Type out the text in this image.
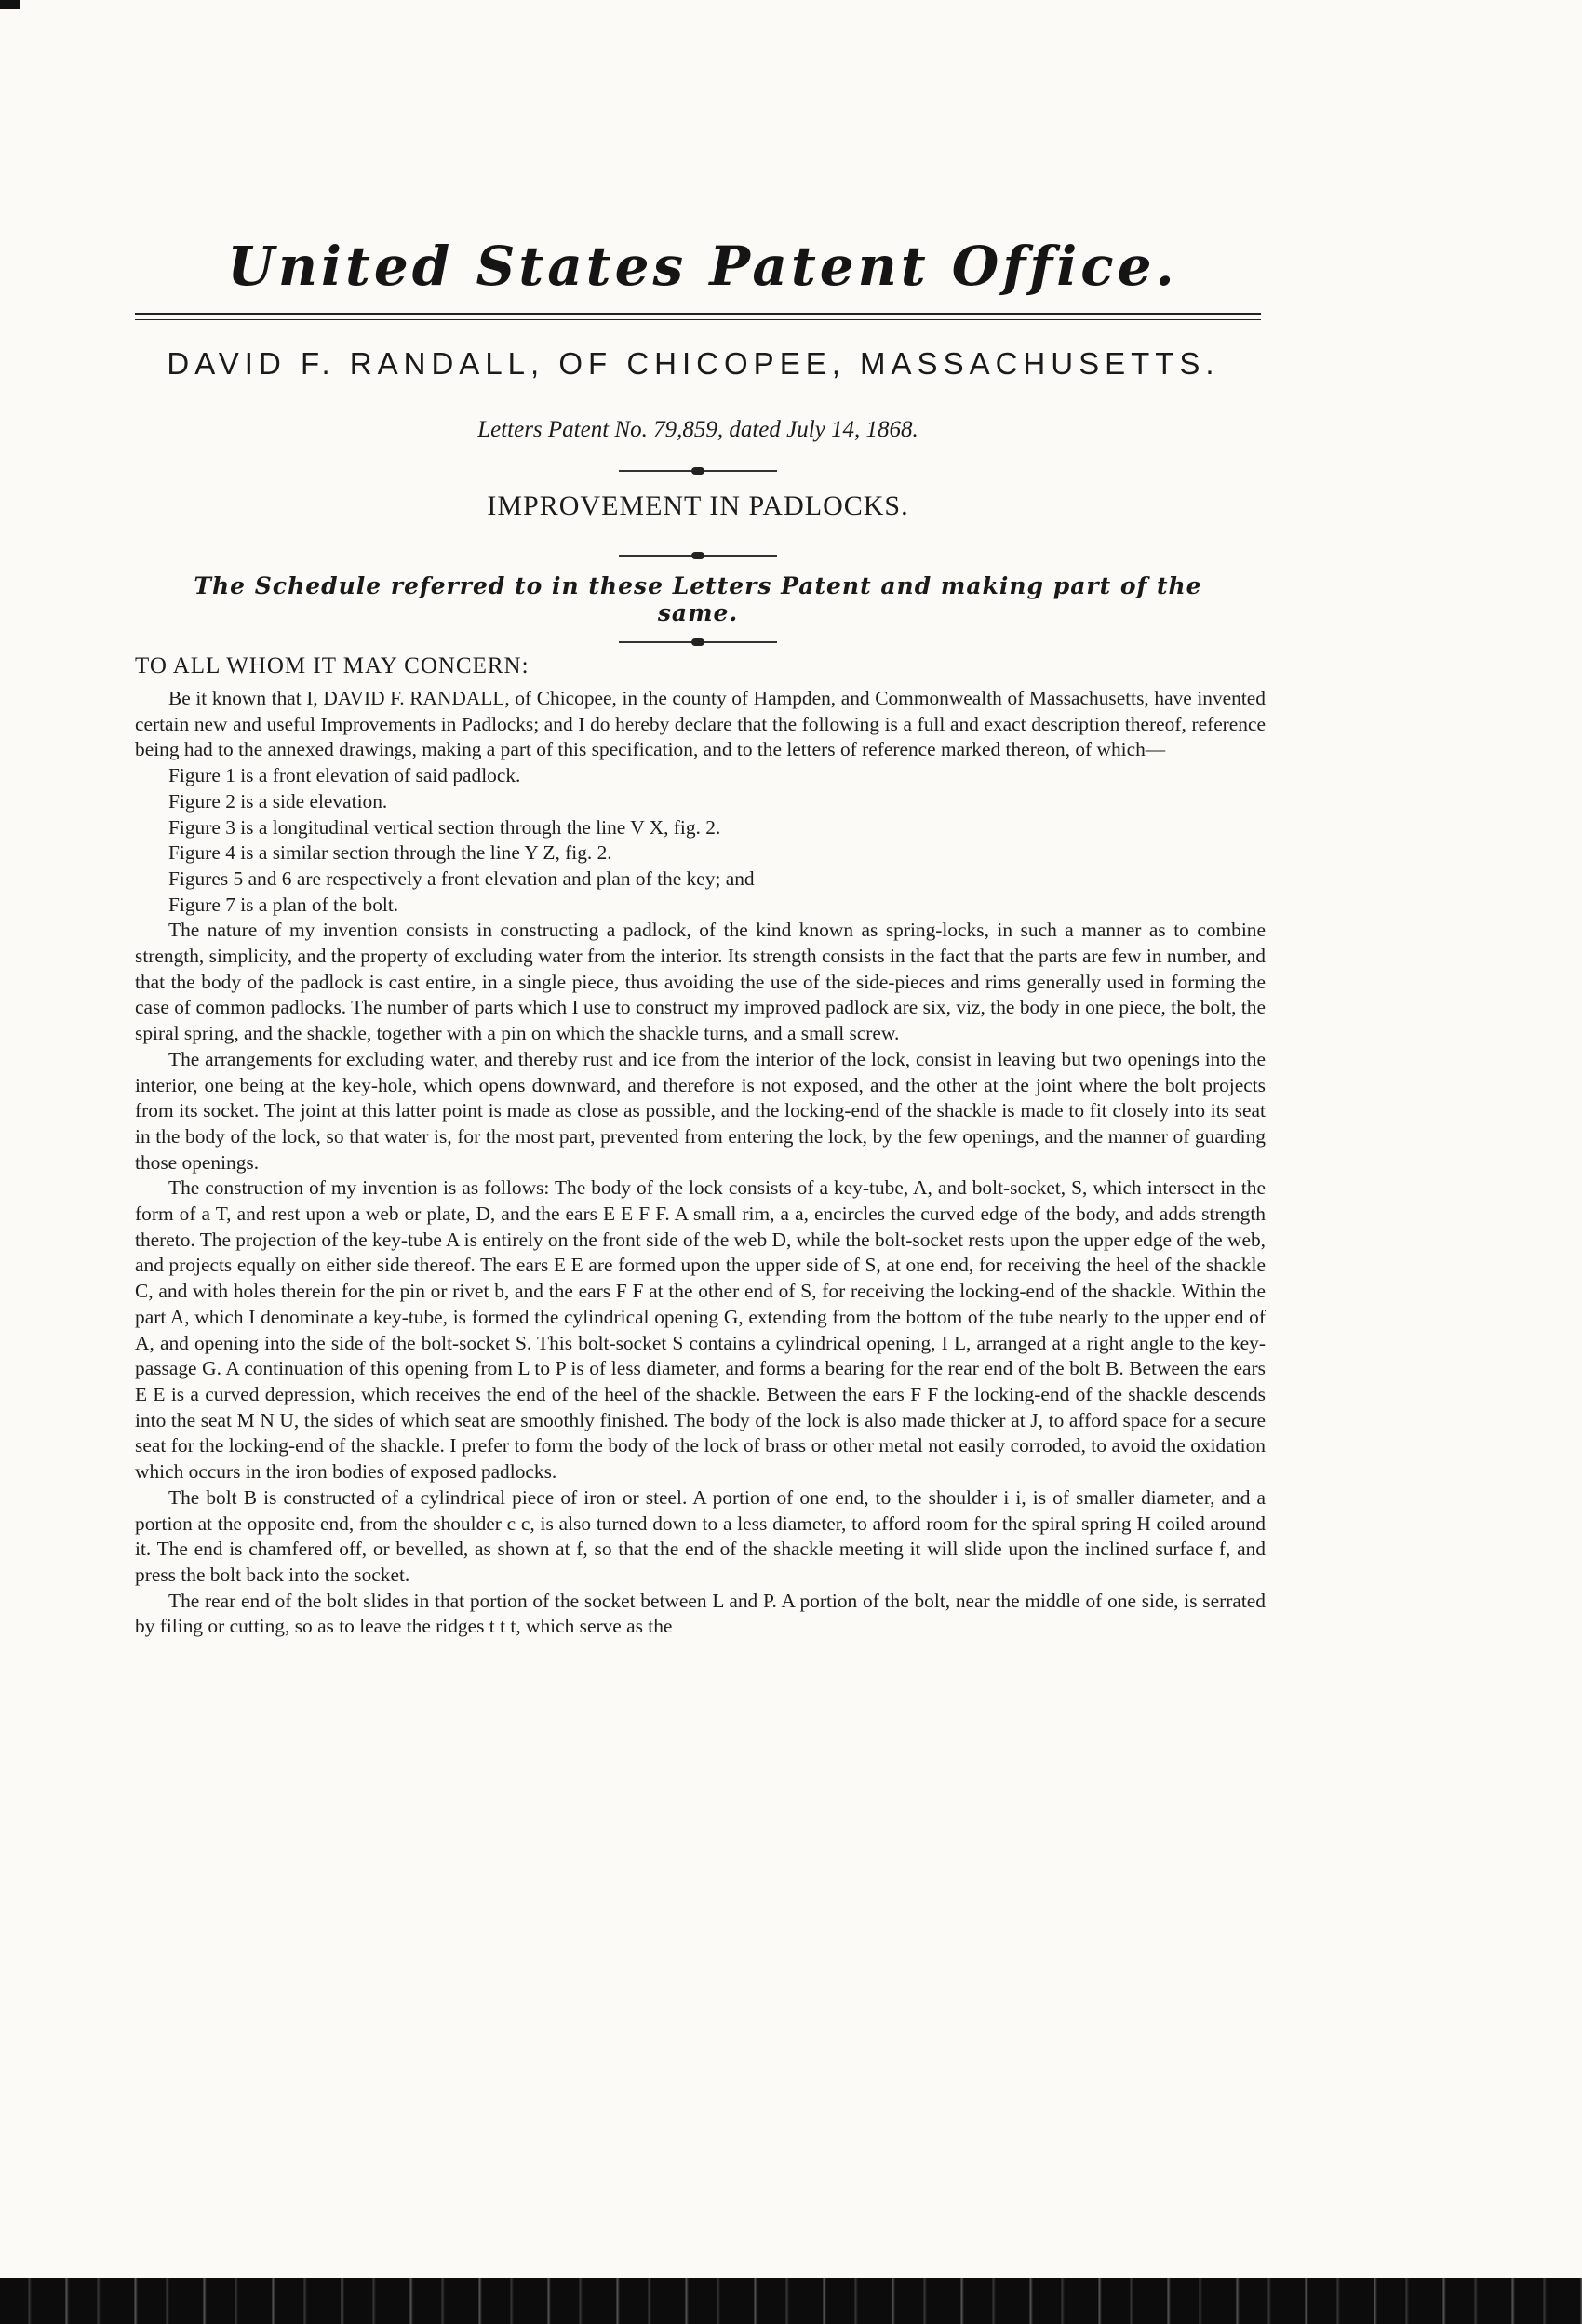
United States Patent Office.
DAVID F. RANDALL, OF CHICOPEE, MASSACHUSETTS.
Letters Patent No. 79,859, dated July 14, 1868.
IMPROVEMENT IN PADLOCKS.
The Schedule referred to in these Letters Patent and making part of the same.
TO ALL WHOM IT MAY CONCERN:

Be it known that I, DAVID F. RANDALL, of Chicopee, in the county of Hampden, and Commonwealth of Massachusetts, have invented certain new and useful Improvements in Padlocks; and I do hereby declare that the following is a full and exact description thereof, reference being had to the annexed drawings, making a part of this specification, and to the letters of reference marked thereon, of which—

Figure 1 is a front elevation of said padlock.

Figure 2 is a side elevation.

Figure 3 is a longitudinal vertical section through the line V X, fig. 2.

Figure 4 is a similar section through the line Y Z, fig. 2.

Figures 5 and 6 are respectively a front elevation and plan of the key; and

Figure 7 is a plan of the bolt.

The nature of my invention consists in constructing a padlock, of the kind known as spring-locks, in such a manner as to combine strength, simplicity, and the property of excluding water from the interior. Its strength consists in the fact that the parts are few in number, and that the body of the padlock is cast entire, in a single piece, thus avoiding the use of the side-pieces and rims generally used in forming the case of common padlocks. The number of parts which I use to construct my improved padlock are six, viz, the body in one piece, the bolt, the spiral spring, and the shackle, together with a pin on which the shackle turns, and a small screw.

The arrangements for excluding water, and thereby rust and ice from the interior of the lock, consist in leaving but two openings into the interior, one being at the key-hole, which opens downward, and therefore is not exposed, and the other at the joint where the bolt projects from its socket. The joint at this latter point is made as close as possible, and the locking-end of the shackle is made to fit closely into its seat in the body of the lock, so that water is, for the most part, prevented from entering the lock, by the few openings, and the manner of guarding those openings.

The construction of my invention is as follows: The body of the lock consists of a key-tube, A, and bolt-socket, S, which intersect in the form of a T, and rest upon a web or plate, D, and the ears E E F F. A small rim, a a, encircles the curved edge of the body, and adds strength thereto. The projection of the key-tube A is entirely on the front side of the web D, while the bolt-socket rests upon the upper edge of the web, and projects equally on either side thereof. The ears E E are formed upon the upper side of S, at one end, for receiving the heel of the shackle C, and with holes therein for the pin or rivet b, and the ears F F at the other end of S, for receiving the locking-end of the shackle. Within the part A, which I denominate a key-tube, is formed the cylindrical opening G, extending from the bottom of the tube nearly to the upper end of A, and opening into the side of the bolt-socket S. This bolt-socket S contains a cylindrical opening, I L, arranged at a right angle to the key-passage G. A continuation of this opening from L to P is of less diameter, and forms a bearing for the rear end of the bolt B. Between the ears E E is a curved depression, which receives the end of the heel of the shackle. Between the ears F F the locking-end of the shackle descends into the seat M N U, the sides of which seat are smoothly finished. The body of the lock is also made thicker at J, to afford space for a secure seat for the locking-end of the shackle. I prefer to form the body of the lock of brass or other metal not easily corroded, to avoid the oxidation which occurs in the iron bodies of exposed padlocks.

The bolt B is constructed of a cylindrical piece of iron or steel. A portion of one end, to the shoulder i i, is of smaller diameter, and a portion at the opposite end, from the shoulder c c, is also turned down to a less diameter, to afford room for the spiral spring H coiled around it. The end is chamfered off, or bevelled, as shown at f, so that the end of the shackle meeting it will slide upon the inclined surface f, and press the bolt back into the socket.

The rear end of the bolt slides in that portion of the socket between L and P. A portion of the bolt, near the middle of one side, is serrated by filing or cutting, so as to leave the ridges t t t, which serve as the
